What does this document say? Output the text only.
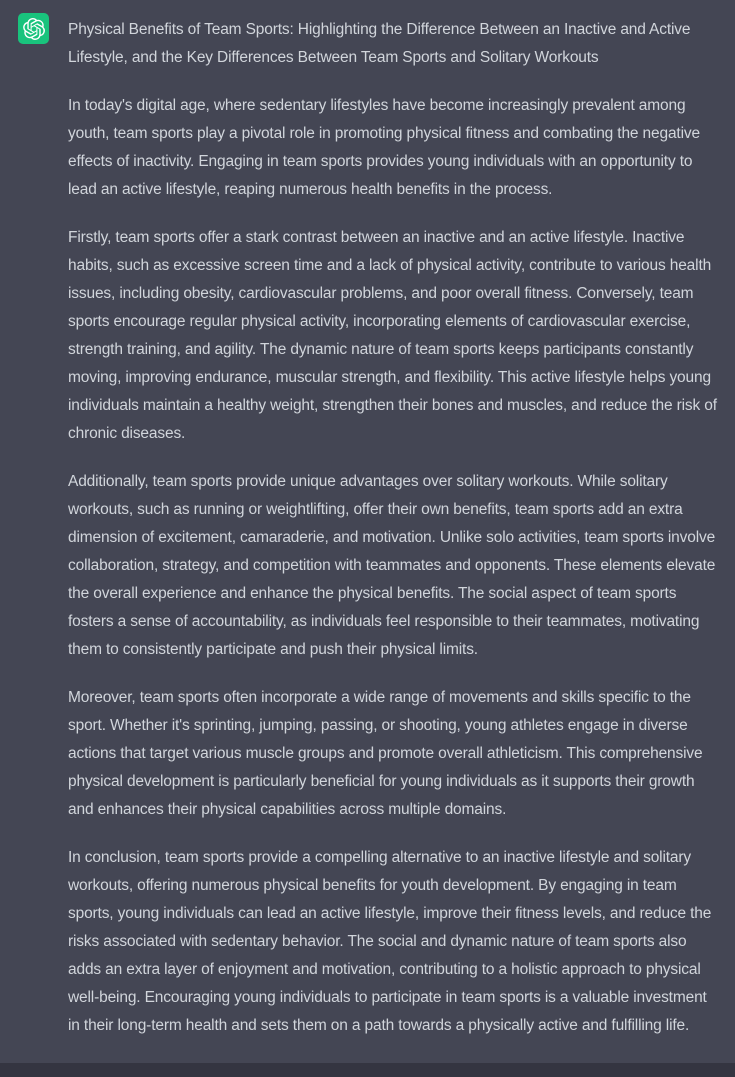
Physical Benefits of Team Sports: Highlighting the Difference Between an Inactive and Active Lifestyle, and the Key Differences Between Team Sports and Solitary Workouts

In today's digital age, where sedentary lifestyles have become increasingly prevalent among youth, team sports play a pivotal role in promoting physical fitness and combating the negative effects of inactivity. Engaging in team sports provides young individuals with an opportunity to lead an active lifestyle, reaping numerous health benefits in the process.

Firstly, team sports offer a stark contrast between an inactive and an active lifestyle. Inactive habits, such as excessive screen time and a lack of physical activity, contribute to various health issues, including obesity, cardiovascular problems, and poor overall fitness. Conversely, team sports encourage regular physical activity, incorporating elements of cardiovascular exercise, strength training, and agility. The dynamic nature of team sports keeps participants constantly moving, improving endurance, muscular strength, and flexibility. This active lifestyle helps young individuals maintain a healthy weight, strengthen their bones and muscles, and reduce the risk of chronic diseases.

Additionally, team sports provide unique advantages over solitary workouts. While solitary workouts, such as running or weightlifting, offer their own benefits, team sports add an extra dimension of excitement, camaraderie, and motivation. Unlike solo activities, team sports involve collaboration, strategy, and competition with teammates and opponents. These elements elevate the overall experience and enhance the physical benefits. The social aspect of team sports fosters a sense of accountability, as individuals feel responsible to their teammates, motivating them to consistently participate and push their physical limits.

Moreover, team sports often incorporate a wide range of movements and skills specific to the sport. Whether it's sprinting, jumping, passing, or shooting, young athletes engage in diverse actions that target various muscle groups and promote overall athleticism. This comprehensive physical development is particularly beneficial for young individuals as it supports their growth and enhances their physical capabilities across multiple domains.

In conclusion, team sports provide a compelling alternative to an inactive lifestyle and solitary workouts, offering numerous physical benefits for youth development. By engaging in team sports, young individuals can lead an active lifestyle, improve their fitness levels, and reduce the risks associated with sedentary behavior. The social and dynamic nature of team sports also adds an extra layer of enjoyment and motivation, contributing to a holistic approach to physical well-being. Encouraging young individuals to participate in team sports is a valuable investment in their long-term health and sets them on a path towards a physically active and fulfilling life.
